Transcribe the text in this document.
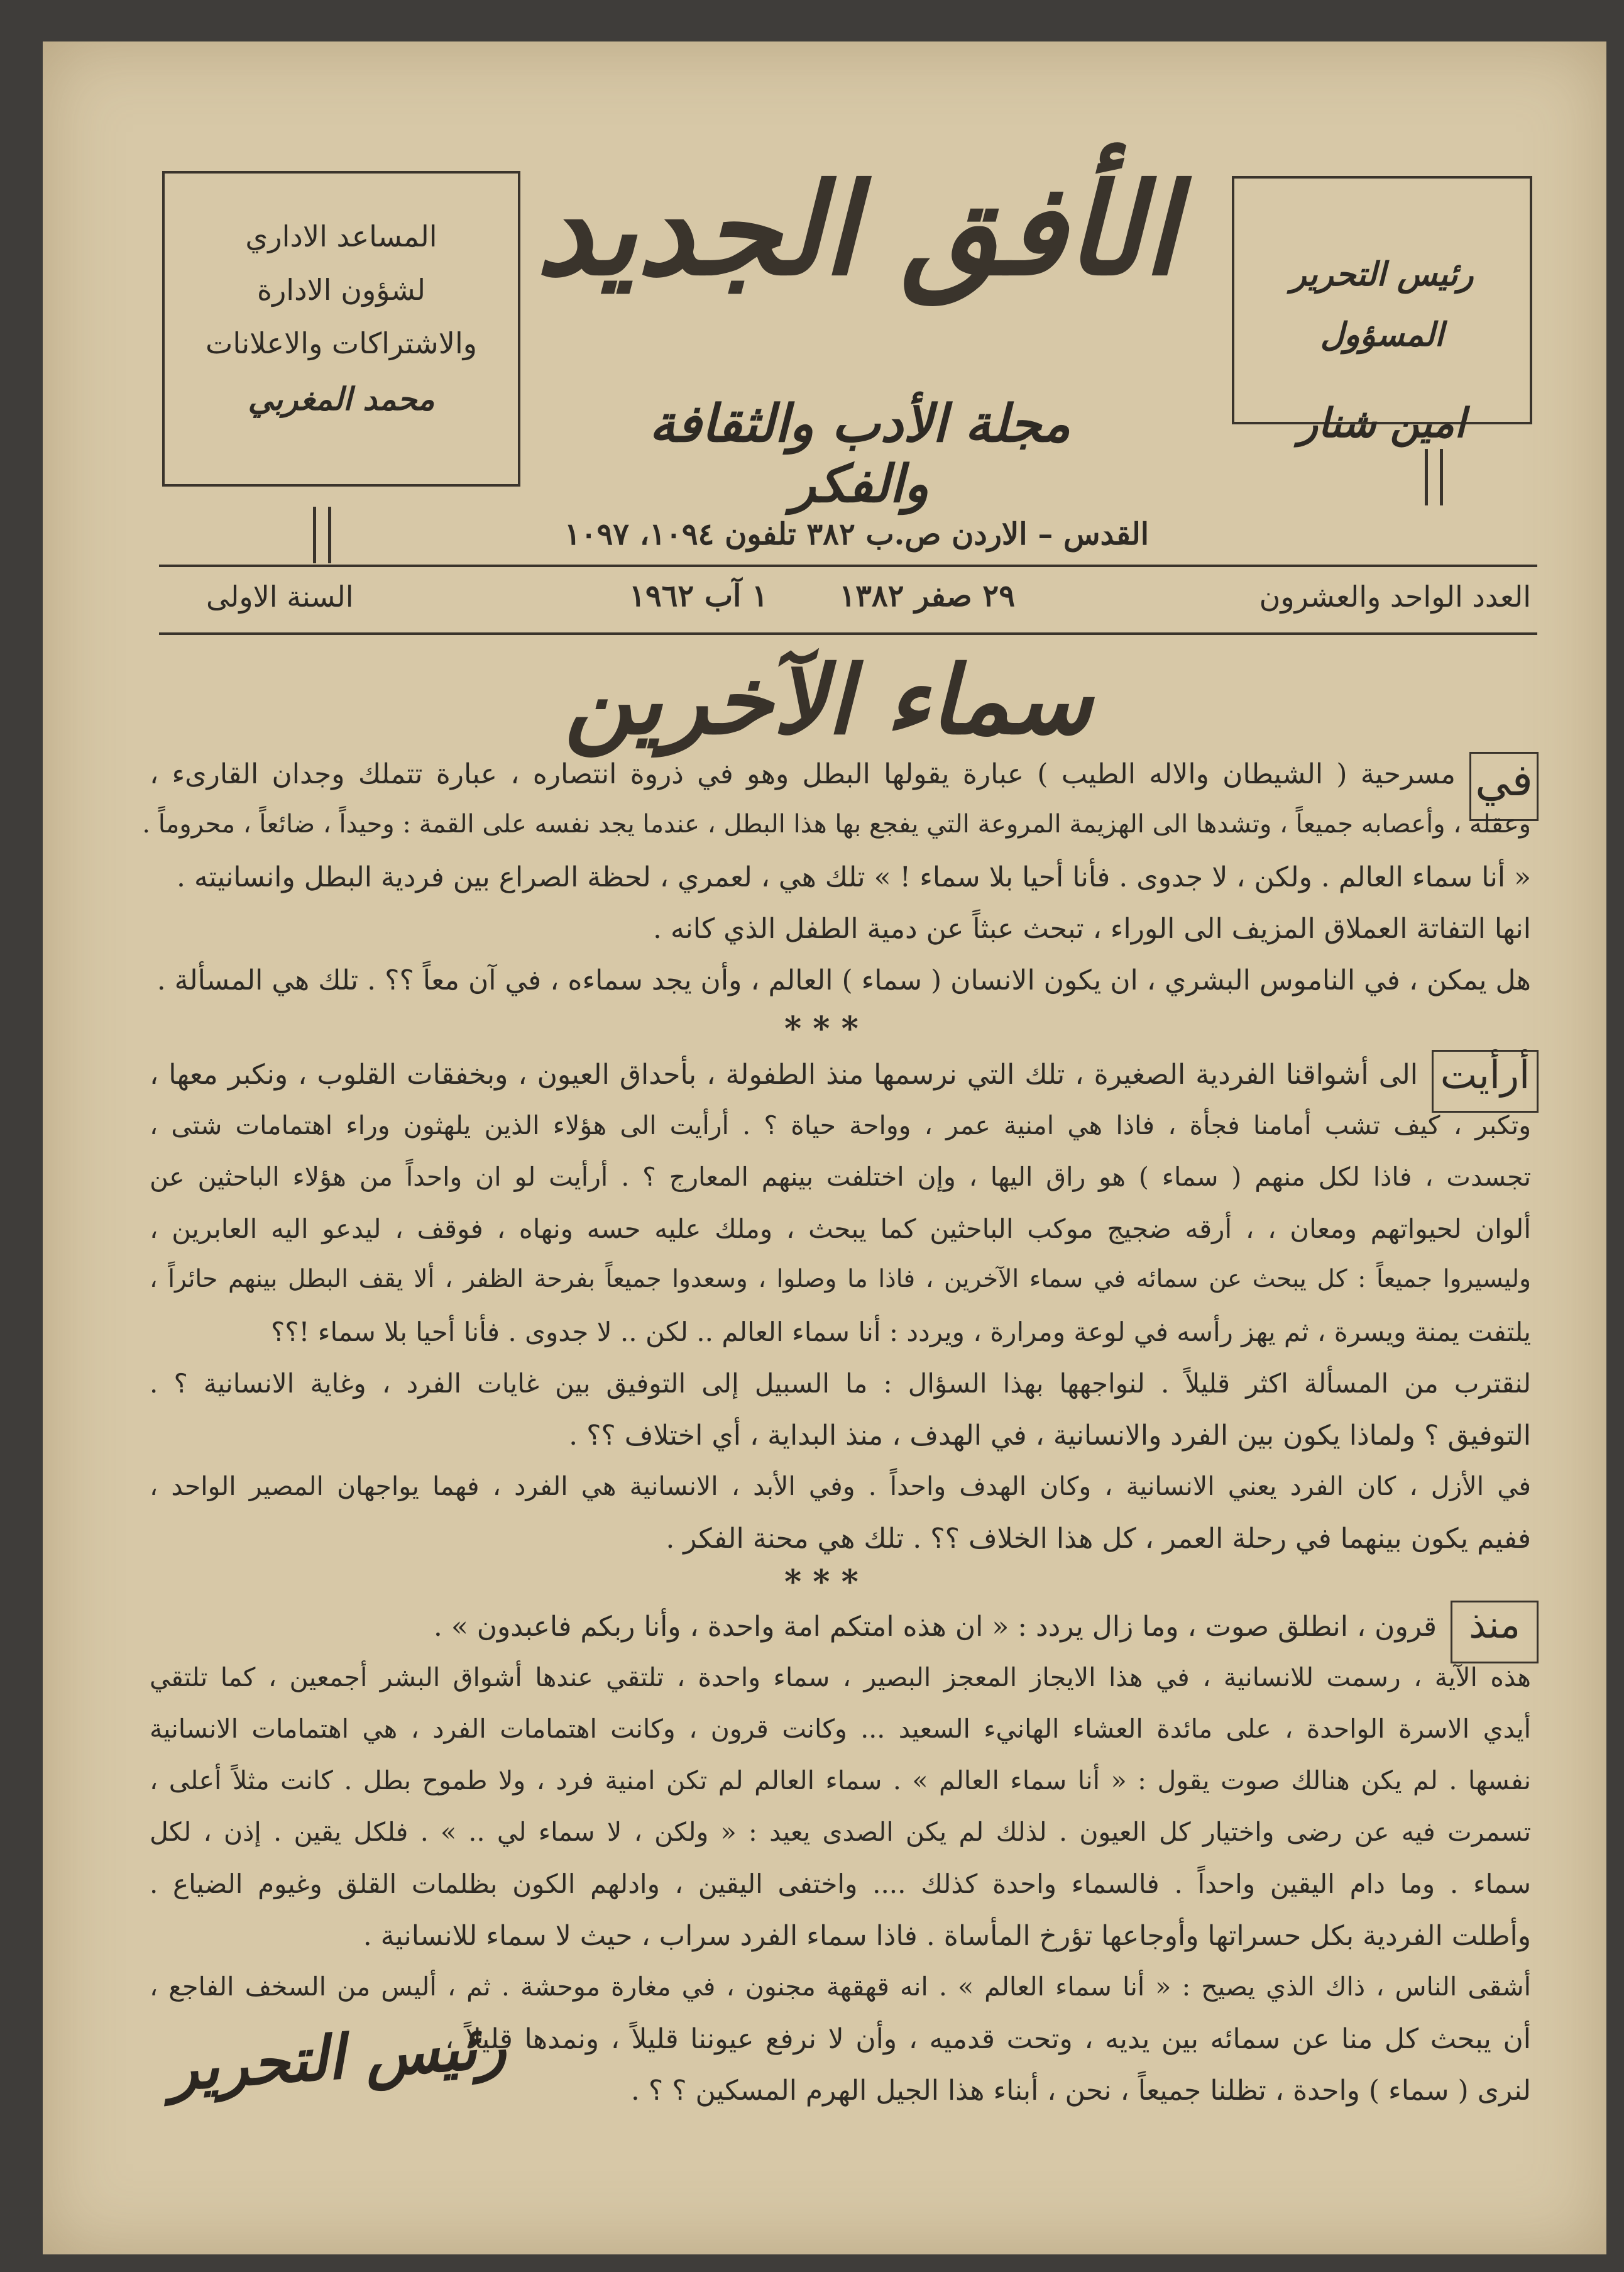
رئيس التحرير المسؤول
امين شنار
المساعد الاداري
لشؤون الادارة
والاشتراكات والاعلانات
محمد المغربي
الأفق الجديد
مجلة الأدب والثقافة والفكر
القدس – الاردن ص.ب ٣٨٢ تلفون ١٠٩٤، ١٠٩٧
العدد الواحد والعشرون
٢٩ صفر ١٣٨٢  ١ آب ١٩٦٢
السنة الاولى
سماء الآخرين
في
مسرحية ( الشيطان والاله الطيب ) عبارة يقولها البطل وهو في ذروة انتصاره ، عبارة تتملك وجدان القارىء ،
وعقله ، وأعصابه جميعاً ، وتشدها الى الهزيمة المروعة التي يفجع بها هذا البطل ، عندما يجد نفسه على القمة : وحيداً ، ضائعاً ، محروماً .
« أنا سماء العالم . ولكن ، لا جدوى . فأنا أحيا بلا سماء ! » تلك هي ، لعمري ، لحظة الصراع بين فردية البطل وانسانيته .
انها التفاتة العملاق المزيف الى الوراء ، تبحث عبثاً عن دمية الطفل الذي كانه .
هل يمكن ، في الناموس البشري ، ان يكون الانسان ( سماء ) العالم ، وأن يجد سماءه ، في آن معاً ؟؟ . تلك هي المسألة .
* * *
أرأيت
الى أشواقنا الفردية الصغيرة ، تلك التي نرسمها منذ الطفولة ، بأحداق العيون ، وبخفقات القلوب ، ونكبر معها ،
وتكبر ، كيف تشب أمامنا فجأة ، فاذا هي امنية عمر ، وواحة حياة ؟ . أرأيت الى هؤلاء الذين يلهثون وراء اهتمامات شتى ،
تجسدت ، فاذا لكل منهم ( سماء ) هو راق اليها ، وإن اختلفت بينهم المعارج ؟ . أرأيت لو ان واحداً من هؤلاء الباحثين عن
ألوان لحيواتهم ومعان ، ، أرقه ضجيج موكب الباحثين كما يبحث ، وملك عليه حسه ونهاه ، فوقف ، ليدعو اليه العابرين ،
وليسيروا جميعاً : كل يبحث عن سمائه في سماء الآخرين ، فاذا ما وصلوا ، وسعدوا جميعاً بفرحة الظفر ، ألا يقف البطل بينهم حائراً ،
يلتفت يمنة ويسرة ، ثم يهز رأسه في لوعة ومرارة ، ويردد : أنا سماء العالم .. لكن .. لا جدوى . فأنا أحيا بلا سماء !؟؟
لنقترب من المسألة اكثر قليلاً . لنواجهها بهذا السؤال : ما السبيل إلى التوفيق بين غايات الفرد ، وغاية الانسانية ؟ .
التوفيق ؟ ولماذا يكون بين الفرد والانسانية ، في الهدف ، منذ البداية ، أي اختلاف ؟؟ .
في الأزل ، كان الفرد يعني الانسانية ، وكان الهدف واحداً . وفي الأبد ، الانسانية هي الفرد ، فهما يواجهان المصير الواحد ،
ففيم يكون بينهما في رحلة العمر ، كل هذا الخلاف ؟؟ . تلك هي محنة الفكر .
* * *
منذ
قرون ، انطلق صوت ، وما زال يردد : « ان هذه امتكم امة واحدة ، وأنا ربكم فاعبدون » .
هذه الآية ، رسمت للانسانية ، في هذا الايجاز المعجز البصير ، سماء واحدة ، تلتقي عندها أشواق البشر أجمعين ، كما تلتقي
أيدي الاسرة الواحدة ، على مائدة العشاء الهانيء السعيد ... وكانت قرون ، وكانت اهتمامات الفرد ، هي اهتمامات الانسانية
نفسها . لم يكن هنالك صوت يقول : « أنا سماء العالم » . سماء العالم لم تكن امنية فرد ، ولا طموح بطل . كانت مثلاً أعلى ،
تسمرت فيه عن رضى واختيار كل العيون . لذلك لم يكن الصدى يعيد : « ولكن ، لا سماء لي .. » . فلكل يقين . إذن ، لكل
سماء . وما دام اليقين واحداً . فالسماء واحدة كذلك .... واختفى اليقين ، وادلهم الكون بظلمات القلق وغيوم الضياع .
وأطلت الفردية بكل حسراتها وأوجاعها تؤرخ المأساة . فاذا سماء الفرد سراب ، حيث لا سماء للانسانية .
أشقى الناس ، ذاك الذي يصيح : « أنا سماء العالم » . انه قهقهة مجنون ، في مغارة موحشة . ثم ، أليس من السخف الفاجع ،
أن يبحث كل منا عن سمائه بين يديه ، وتحت قدميه ، وأن لا نرفع عيوننا قليلاً ، ونمدها قليلاً ،
لنرى ( سماء ) واحدة ، تظلنا جميعاً ، نحن ، أبناء هذا الجيل الهرم المسكين ؟ ؟ .
رئيس التحرير
